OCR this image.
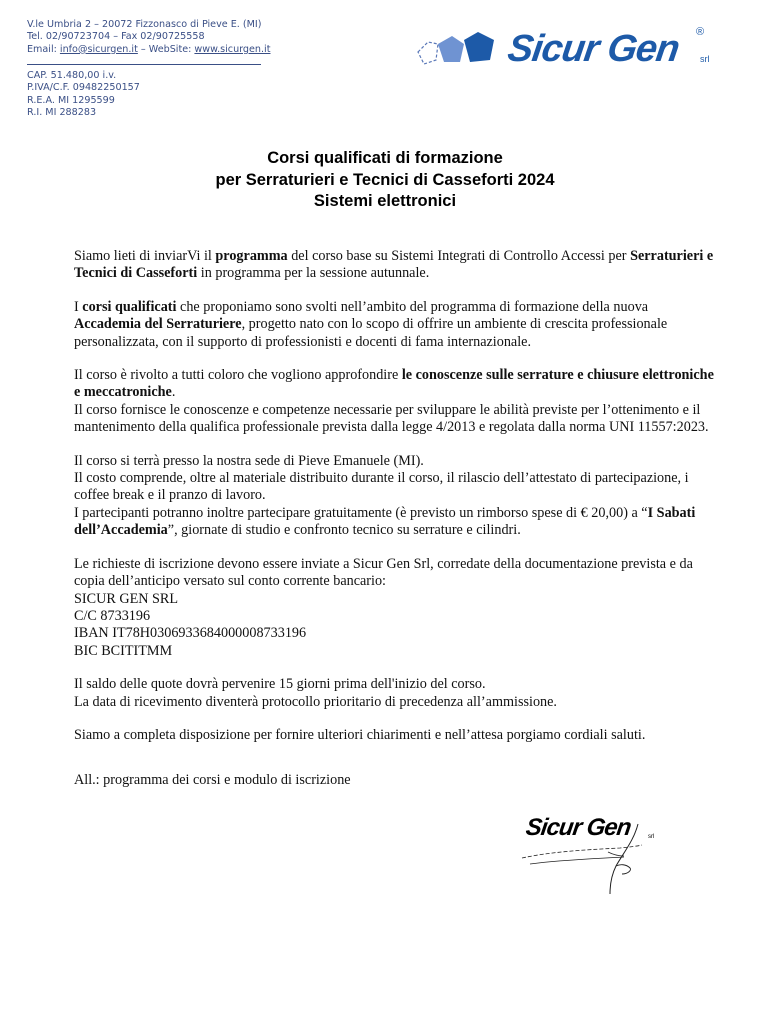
V.le Umbria 2 – 20072 Fizzonasco di Pieve E. (MI)
Tel. 02/90723704 – Fax 02/90725558
Email: info@sicurgen.it – WebSite: www.sicurgen.it
CAP. 51.480,00 i.v.
P.IVA/C.F. 09482250157
R.E.A. MI 1295599
R.I. MI 288283
Sicur Gen ®
srl
Corsi qualificati di formazione
per Serraturieri e Tecnici di Casseforti 2024
Sistemi elettronici

Siamo lieti di inviarVi il programma del corso base su Sistemi Integrati di Controllo Accessi per Serraturieri e Tecnici di Casseforti in programma per la sessione autunnale.

I corsi qualificati che proponiamo sono svolti nell’ambito del programma di formazione della nuova Accademia del Serraturiere, progetto nato con lo scopo di offrire un ambiente di crescita professionale personalizzata, con il supporto di professionisti e docenti di fama internazionale.

Il corso è rivolto a tutti coloro che vogliono approfondire le conoscenze sulle serrature e chiusure elettroniche e meccatroniche.
Il corso fornisce le conoscenze e competenze necessarie per sviluppare le abilità previste per l’ottenimento e il mantenimento della qualifica professionale prevista dalla legge 4/2013 e regolata dalla norma UNI 11557:2023.

Il corso si terrà presso la nostra sede di Pieve Emanuele (MI).
Il costo comprende, oltre al materiale distribuito durante il corso, il rilascio dell’attestato di partecipazione, i coffee break e il pranzo di lavoro.
I partecipanti potranno inoltre partecipare gratuitamente (è previsto un rimborso spese di € 20,00) a “I Sabati dell’Accademia”, giornate di studio e confronto tecnico su serrature e cilindri.

Le richieste di iscrizione devono essere inviate a Sicur Gen Srl, corredate della documentazione prevista e da copia dell’anticipo versato sul conto corrente bancario:
SICUR GEN SRL
C/C 8733196
IBAN IT78H0306933684000008733196
BIC BCITITMM

Il saldo delle quote dovrà pervenire 15 giorni prima dell'inizio del corso.
La data di ricevimento diventerà protocollo prioritario di precedenza all’ammissione.

Siamo a completa disposizione per fornire ulteriori chiarimenti e nell’attesa porgiamo cordiali saluti.

All.: programma dei corsi e modulo di iscrizione

Sicur Gen	srl
